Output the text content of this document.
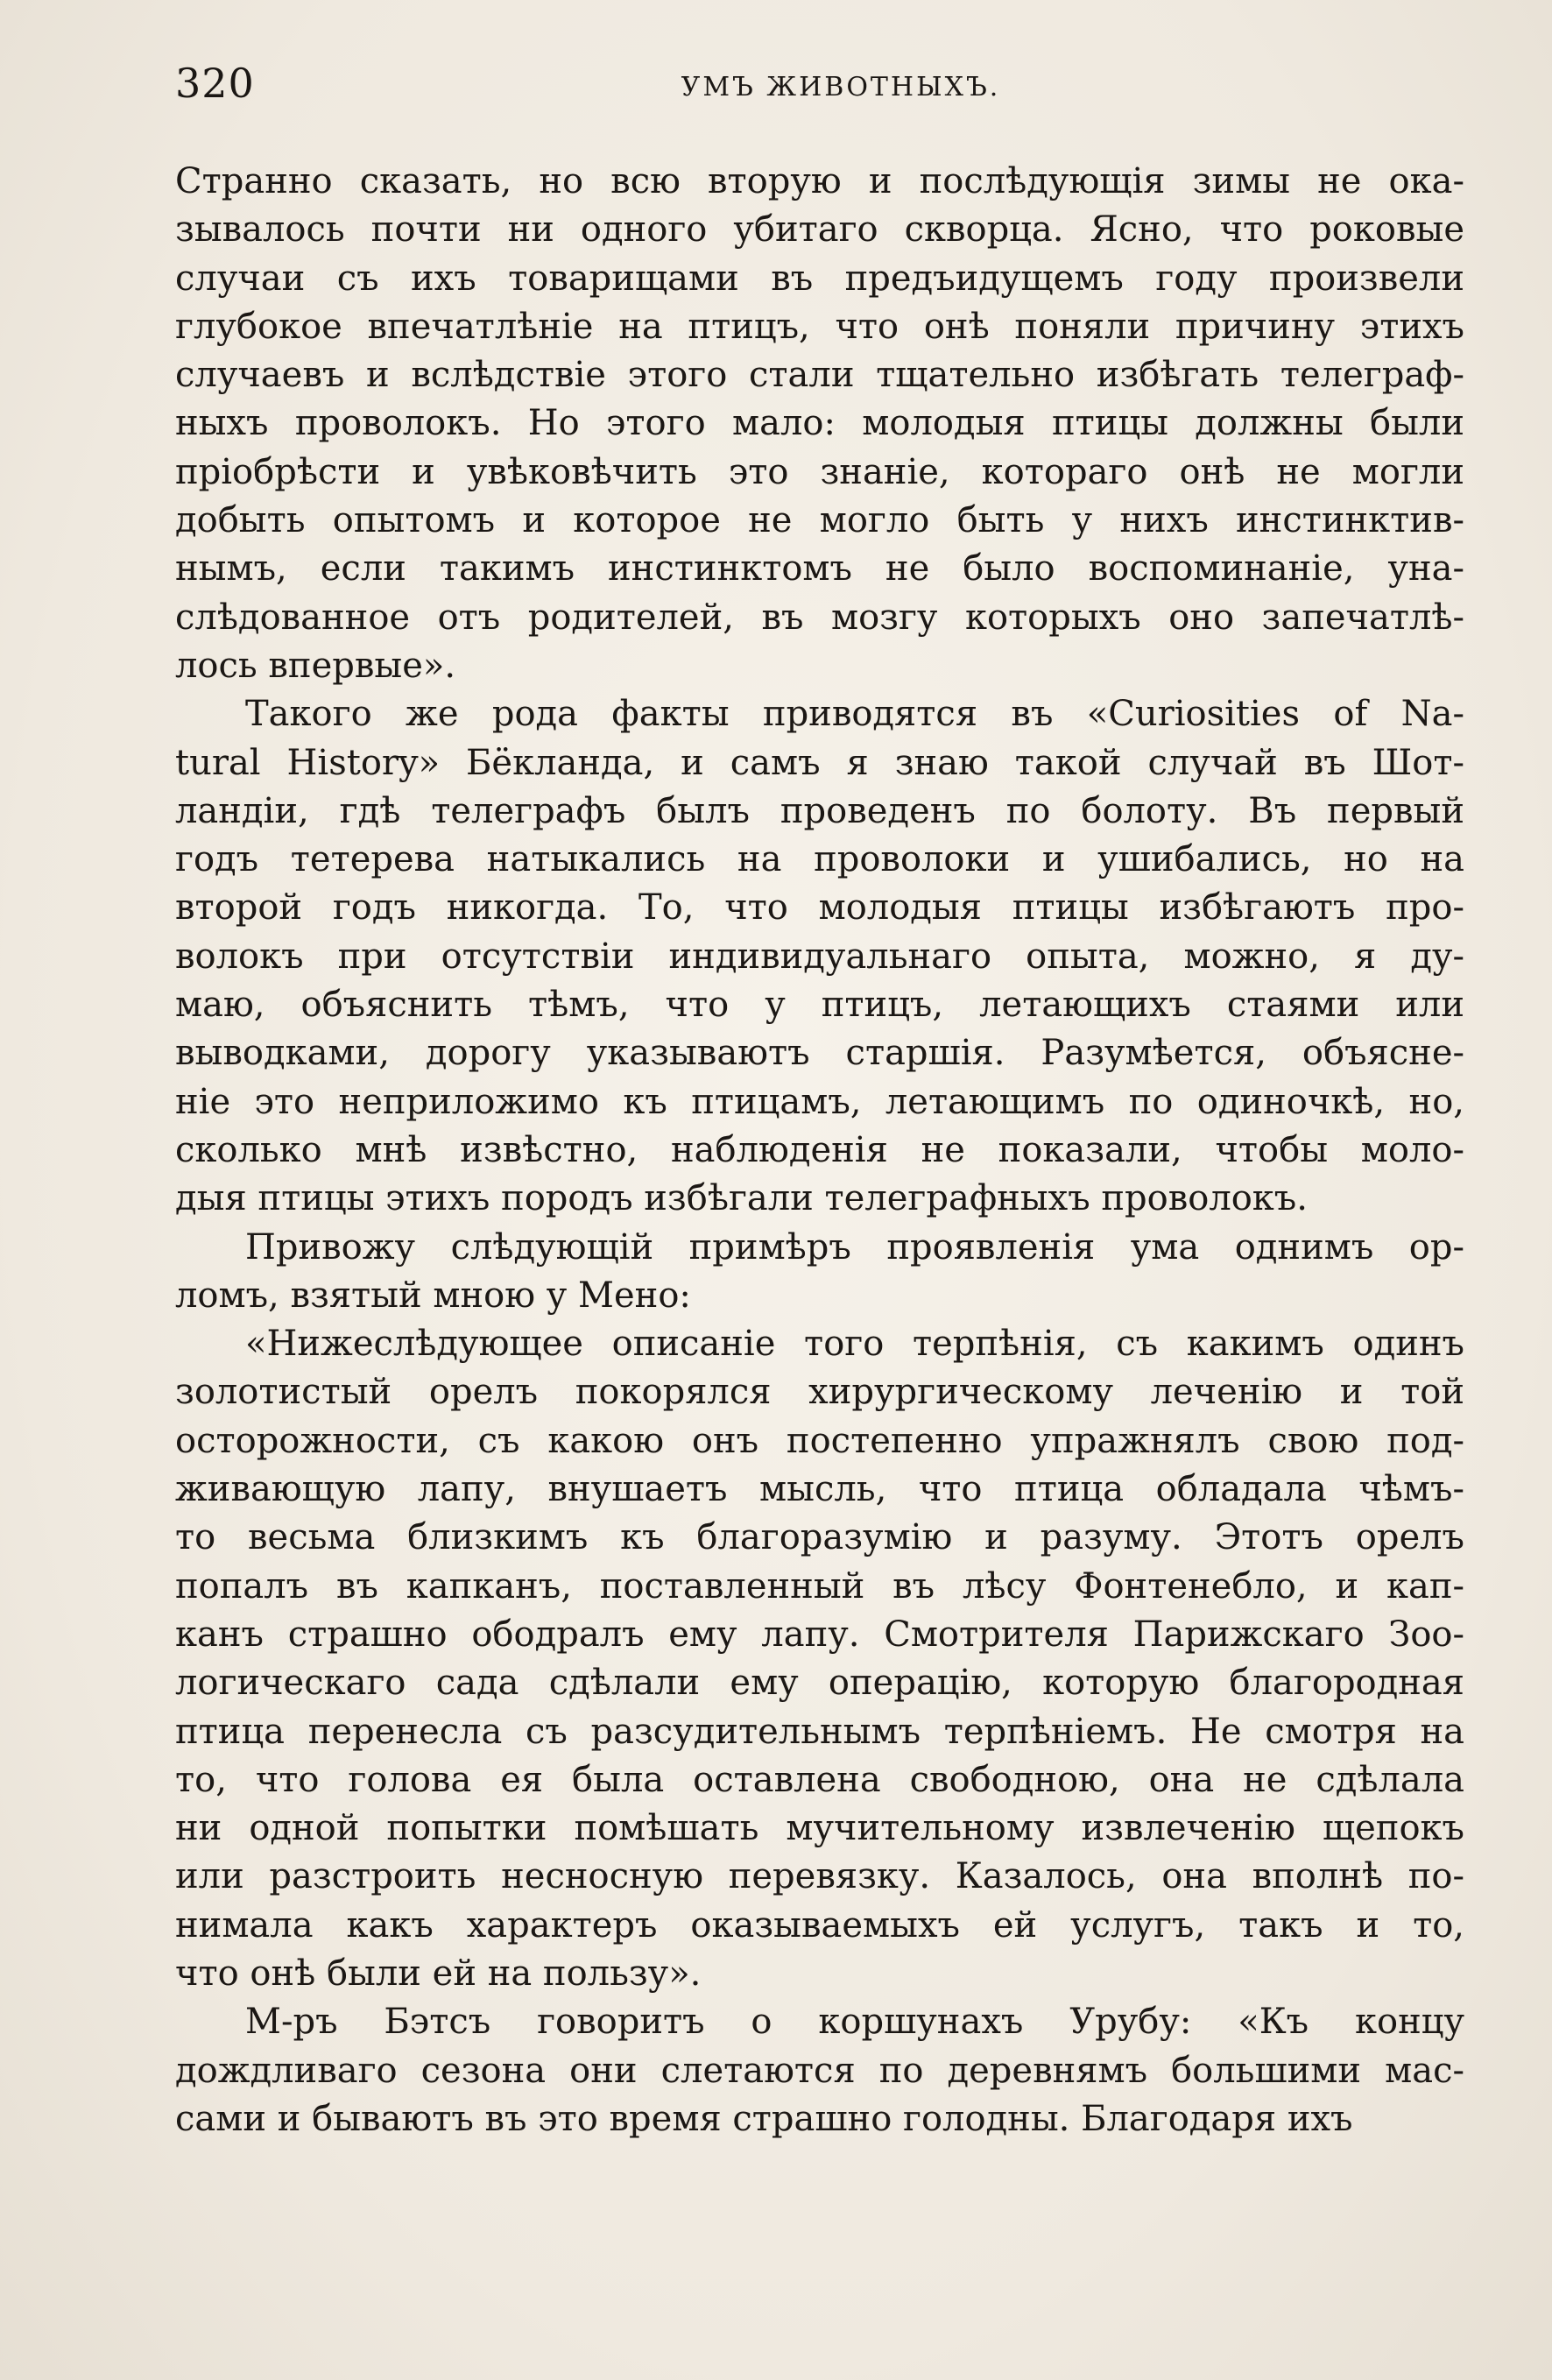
320	УМЪ ЖИВОТНЫХЪ.
Странно сказать, но всю вторую и послѣдующія зимы не ока-
зывалось почти ни одного убитаго скворца. Ясно, что роковые
случаи съ ихъ товарищами въ предъидущемъ году произвели
глубокое впечатлѣніе на птицъ, что онѣ поняли причину этихъ
случаевъ и вслѣдствіе этого стали тщательно избѣгать телеграф-
ныхъ проволокъ. Но этого мало: молодыя птицы должны были
пріобрѣсти и увѣковѣчить это знаніе, котораго онѣ не могли
добыть опытомъ и которое не могло быть у нихъ инстинктив-
нымъ, если такимъ инстинктомъ не было воспоминаніе, уна-
слѣдованное отъ родителей, въ мозгу которыхъ оно запечатлѣ-
лось впервые».
Такого же рода факты приводятся въ «Curiosities of Na-
tural History» Бёкланда, и самъ я знаю такой случай въ Шот-
ландіи, гдѣ телеграфъ былъ проведенъ по болоту. Въ первый
годъ тетерева натыкались на проволоки и ушибались, но на
второй годъ никогда. То, что молодыя птицы избѣгаютъ про-
волокъ при отсутствіи индивидуальнаго опыта, можно, я ду-
маю, объяснить тѣмъ, что у птицъ, летающихъ стаями или
выводками, дорогу указываютъ старшія. Разумѣется, объясне-
ніе это неприложимо къ птицамъ, летающимъ по одиночкѣ, но,
сколько мнѣ извѣстно, наблюденія не показали, чтобы моло-
дыя птицы этихъ породъ избѣгали телеграфныхъ проволокъ.
Привожу слѣдующій примѣръ проявленія ума однимъ ор-
ломъ, взятый мною у Мено:
«Нижеслѣдующее описаніе того терпѣнія, съ какимъ одинъ
золотистый орелъ покорялся хирургическому леченію и той
осторожности, съ какою онъ постепенно упражнялъ свою под-
живающую лапу, внушаетъ мысль, что птица обладала чѣмъ-
то весьма близкимъ къ благоразумію и разуму. Этотъ орелъ
попалъ въ капканъ, поставленный въ лѣсу Фонтенебло, и кап-
канъ страшно ободралъ ему лапу. Смотрителя Парижскаго Зоо-
логическаго сада сдѣлали ему операцію, которую благородная
птица перенесла съ разсудительнымъ терпѣніемъ. Не смотря на
то, что голова ея была оставлена свободною, она не сдѣлала
ни одной попытки помѣшать мучительному извлеченію щепокъ
или разстроить несносную перевязку. Казалось, она вполнѣ по-
нимала какъ характеръ оказываемыхъ ей услугъ, такъ и то,
что онѣ были ей на пользу».
М-ръ Бэтсъ говоритъ о коршунахъ Урубу: «Къ концу
дождливаго сезона они слетаются по деревнямъ большими мас-
сами и бываютъ въ это время страшно голодны. Благодаря ихъ
